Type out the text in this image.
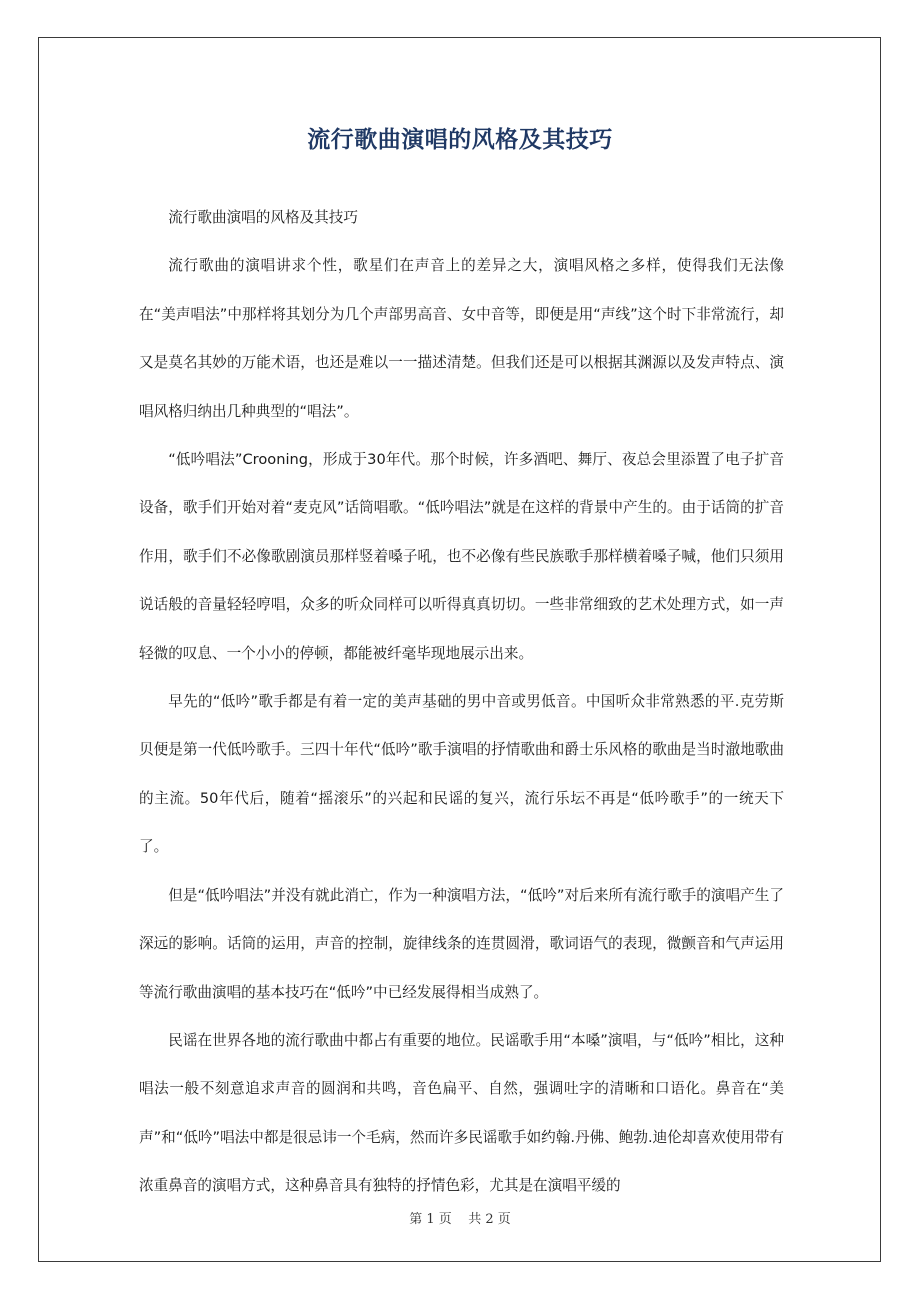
流行歌曲演唱的风格及其技巧

流行歌曲演唱的风格及其技巧

流行歌曲的演唱讲求个性，歌星们在声音上的差异之大，演唱风格之多样，使得我们无法像在“美声唱法”中那样将其划分为几个声部男高音、女中音等，即便是用“声线”这个时下非常流行，却又是莫名其妙的万能术语，也还是难以一一描述清楚。但我们还是可以根据其渊源以及发声特点、演唱风格归纳出几种典型的“唱法”。

“低吟唱法”Crooning，形成于30年代。那个时候，许多酒吧、舞厅、夜总会里添置了电子扩音设备，歌手们开始对着“麦克风”话筒唱歌。“低吟唱法”就是在这样的背景中产生的。由于话筒的扩音作用，歌手们不必像歌剧演员那样竖着嗓子吼，也不必像有些民族歌手那样横着嗓子喊，他们只须用说话般的音量轻轻哼唱，众多的听众同样可以听得真真切切。一些非常细致的艺术处理方式，如一声轻微的叹息、一个小小的停顿，都能被纤毫毕现地展示出来。

早先的“低吟”歌手都是有着一定的美声基础的男中音或男低音。中国听众非常熟悉的平.克劳斯贝便是第一代低吟歌手。三四十年代“低吟”歌手演唱的抒情歌曲和爵士乐风格的歌曲是当时澈地歌曲的主流。50年代后，随着“摇滚乐”的兴起和民谣的复兴，流行乐坛不再是“低吟歌手”的一统天下了。

但是“低吟唱法”并没有就此消亡，作为一种演唱方法，“低吟”对后来所有流行歌手的演唱产生了深远的影响。话筒的运用，声音的控制，旋律线条的连贯圆滑，歌词语气的表现，微颤音和气声运用等流行歌曲演唱的基本技巧在“低吟”中已经发展得相当成熟了。

民谣在世界各地的流行歌曲中都占有重要的地位。民谣歌手用“本嗓”演唱，与“低吟”相比，这种唱法一般不刻意追求声音的圆润和共鸣，音色扁平、自然，强调吐字的清晰和口语化。鼻音在“美声”和“低吟”唱法中都是很忌讳一个毛病，然而许多民谣歌手如约翰.丹佛、鲍勃.迪伦却喜欢使用带有浓重鼻音的演唱方式，这种鼻音具有独特的抒情色彩，尤其是在演唱平缓的

第 1 页 共 2 页
